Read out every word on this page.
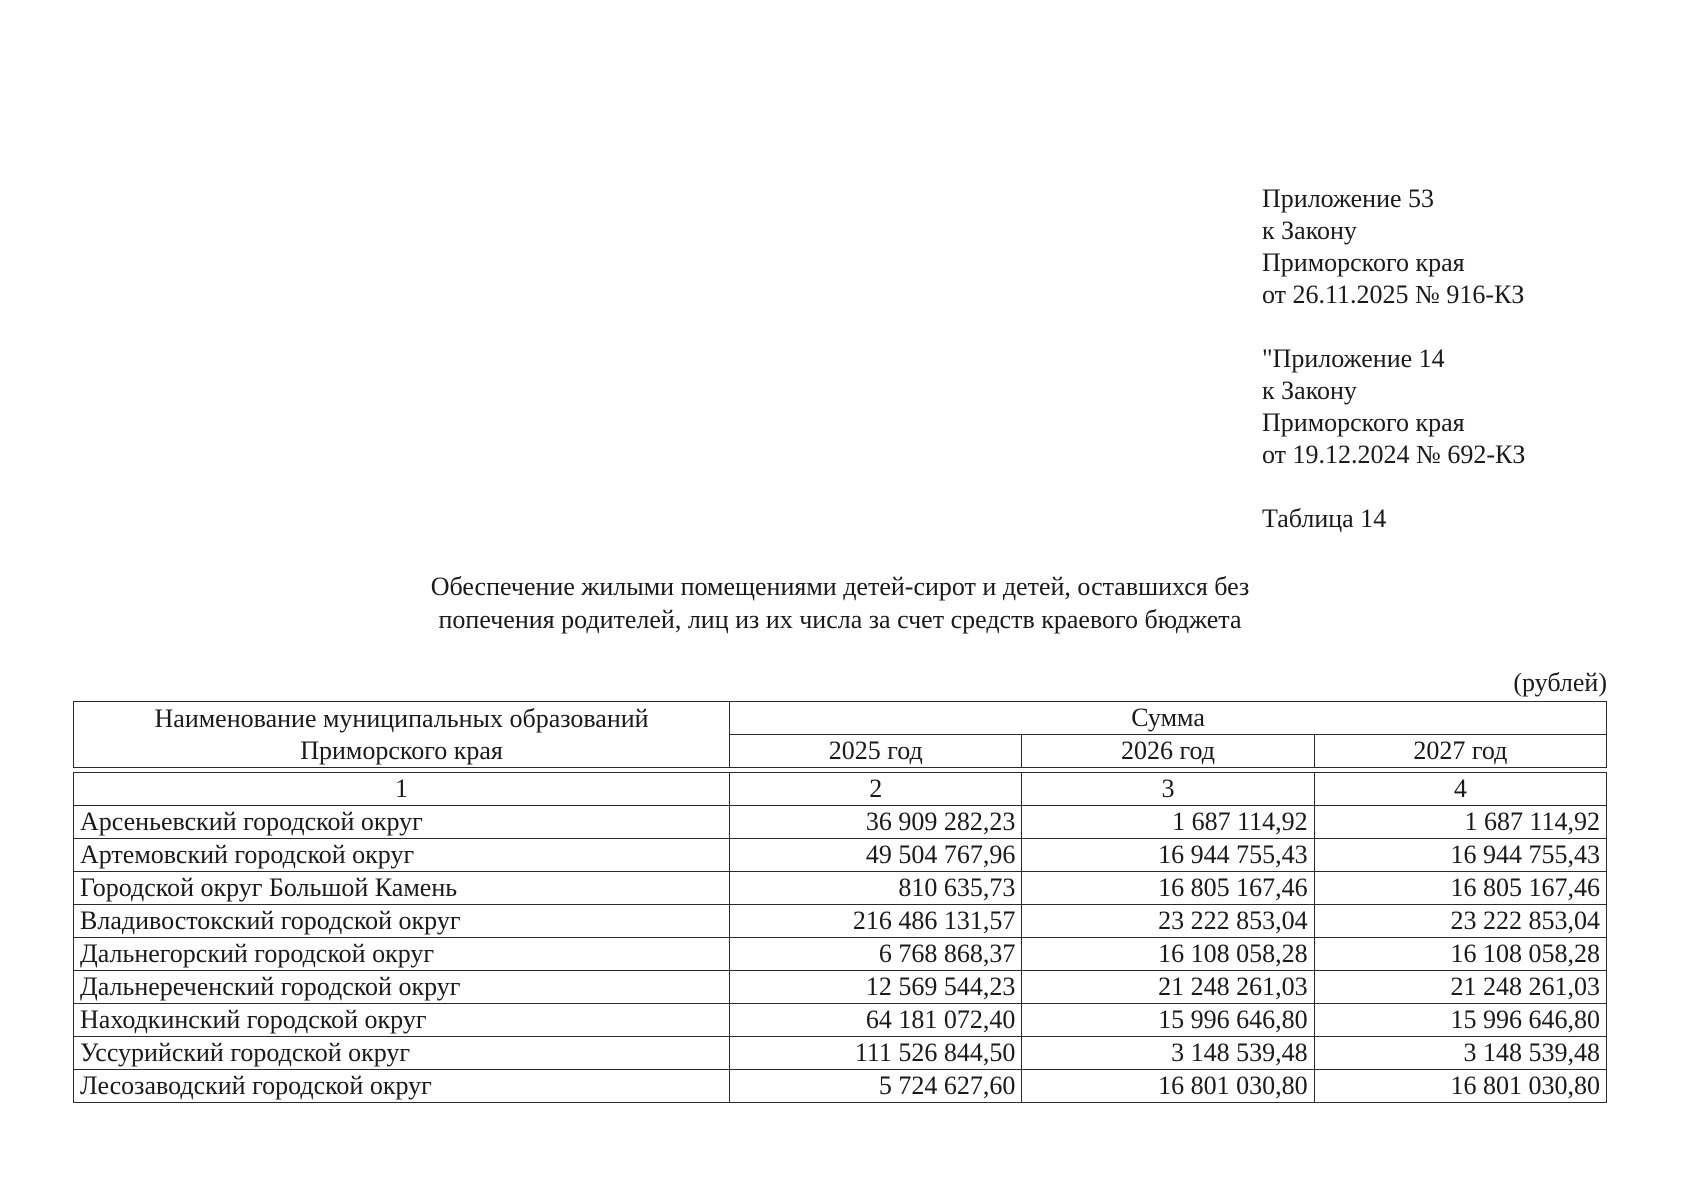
Приложение 53
к Закону
Приморского края
от 26.11.2025 № 916-КЗ
"Приложение 14
к Закону
Приморского края
от 19.12.2024 № 692-КЗ
Таблица 14
Обеспечение жилыми помещениями детей-сирот и детей, оставшихся без
попечения родителей, лиц из их числа за счет средств краевого бюджета
(рублей)
Наименование муниципальных образований
Приморского края	Сумма		
	2025 год	2026 год	2027 год

1	2	3	4
Арсеньевский городской округ	36 909 282,23	1 687 114,92	1 687 114,92
Артемовский городской округ	49 504 767,96	16 944 755,43	16 944 755,43
Городской округ Большой Камень	810 635,73	16 805 167,46	16 805 167,46
Владивостокский городской округ	216 486 131,57	23 222 853,04	23 222 853,04
Дальнегорский городской округ	6 768 868,37	16 108 058,28	16 108 058,28
Дальнереченский городской округ	12 569 544,23	21 248 261,03	21 248 261,03
Находкинский городской округ	64 181 072,40	15 996 646,80	15 996 646,80
Уссурийский городской округ	111 526 844,50	3 148 539,48	3 148 539,48
Лесозаводский городской округ	5 724 627,60	16 801 030,80	16 801 030,80
